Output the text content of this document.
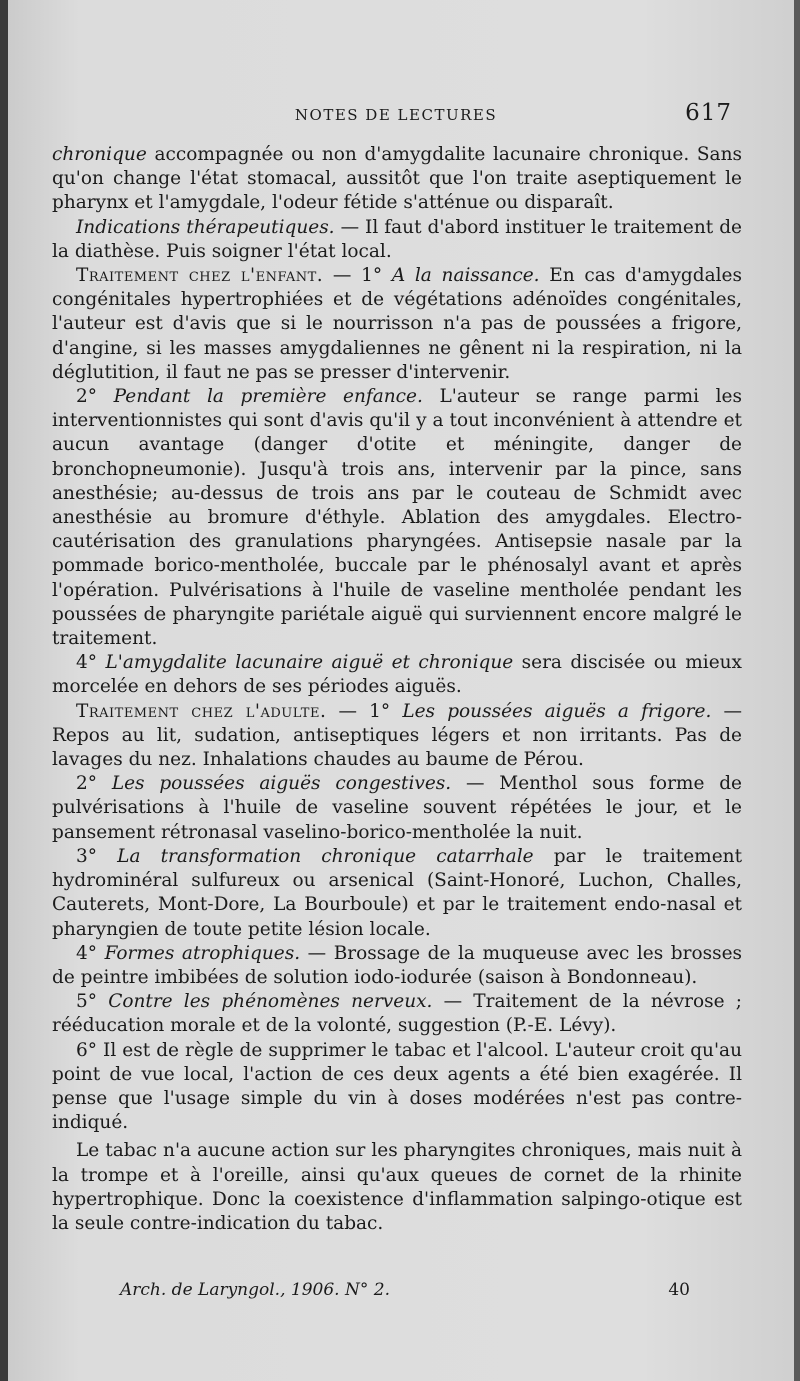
NOTES DE LECTURES	617

chronique accompagnée ou non d'amygdalite lacunaire chronique. Sans qu'on change l'état stomacal, aussitôt que l'on traite aseptiquement le pharynx et l'amygdale, l'odeur fétide s'atténue ou disparaît.

Indications thérapeutiques. — Il faut d'abord instituer le traitement de la diathèse. Puis soigner l'état local.

Traitement chez l'enfant. — 1° A la naissance. En cas d'amygdales congénitales hypertrophiées et de végétations adénoïdes congénitales, l'auteur est d'avis que si le nourrisson n'a pas de poussées a frigore, d'angine, si les masses amygdaliennes ne gênent ni la respiration, ni la déglutition, il faut ne pas se presser d'intervenir.

2° Pendant la première enfance. L'auteur se range parmi les interventionnistes qui sont d'avis qu'il y a tout inconvénient à attendre et aucun avantage (danger d'otite et méningite, danger de bronchopneumonie). Jusqu'à trois ans, intervenir par la pince, sans anesthésie; au-dessus de trois ans par le couteau de Schmidt avec anesthésie au bromure d'éthyle. Ablation des amygdales. Electro-cautérisation des granulations pharyngées. Antisepsie nasale par la pommade borico-mentholée, buccale par le phénosalyl avant et après l'opération. Pulvérisations à l'huile de vaseline mentholée pendant les poussées de pharyngite pariétale aiguë qui surviennent encore malgré le traitement.

4° L'amygdalite lacunaire aiguë et chronique sera discisée ou mieux morcelée en dehors de ses périodes aiguës.

Traitement chez l'adulte. — 1° Les poussées aiguës a frigore. — Repos au lit, sudation, antiseptiques légers et non irritants. Pas de lavages du nez. Inhalations chaudes au baume de Pérou.

2° Les poussées aiguës congestives. — Menthol sous forme de pulvérisations à l'huile de vaseline souvent répétées le jour, et le pansement rétronasal vaselino-borico-mentholée la nuit.

3° La transformation chronique catarrhale par le traitement hydrominéral sulfureux ou arsenical (Saint-Honoré, Luchon, Challes, Cauterets, Mont-Dore, La Bourboule) et par le traitement endo-nasal et pharyngien de toute petite lésion locale.

4° Formes atrophiques. — Brossage de la muqueuse avec les brosses de peintre imbibées de solution iodo-iodurée (saison à Bondonneau).

5° Contre les phénomènes nerveux. — Traitement de la névrose ; rééducation morale et de la volonté, suggestion (P.-E. Lévy).

6° Il est de règle de supprimer le tabac et l'alcool. L'auteur croit qu'au point de vue local, l'action de ces deux agents a été bien exagérée. Il pense que l'usage simple du vin à doses modérées n'est pas contre-indiqué.

Le tabac n'a aucune action sur les pharyngites chroniques, mais nuit à la trompe et à l'oreille, ainsi qu'aux queues de cornet de la rhinite hypertrophique. Donc la coexistence d'inflammation salpingo-otique est la seule contre-indication du tabac.

Arch. de Laryngol., 1906. N° 2.	40
